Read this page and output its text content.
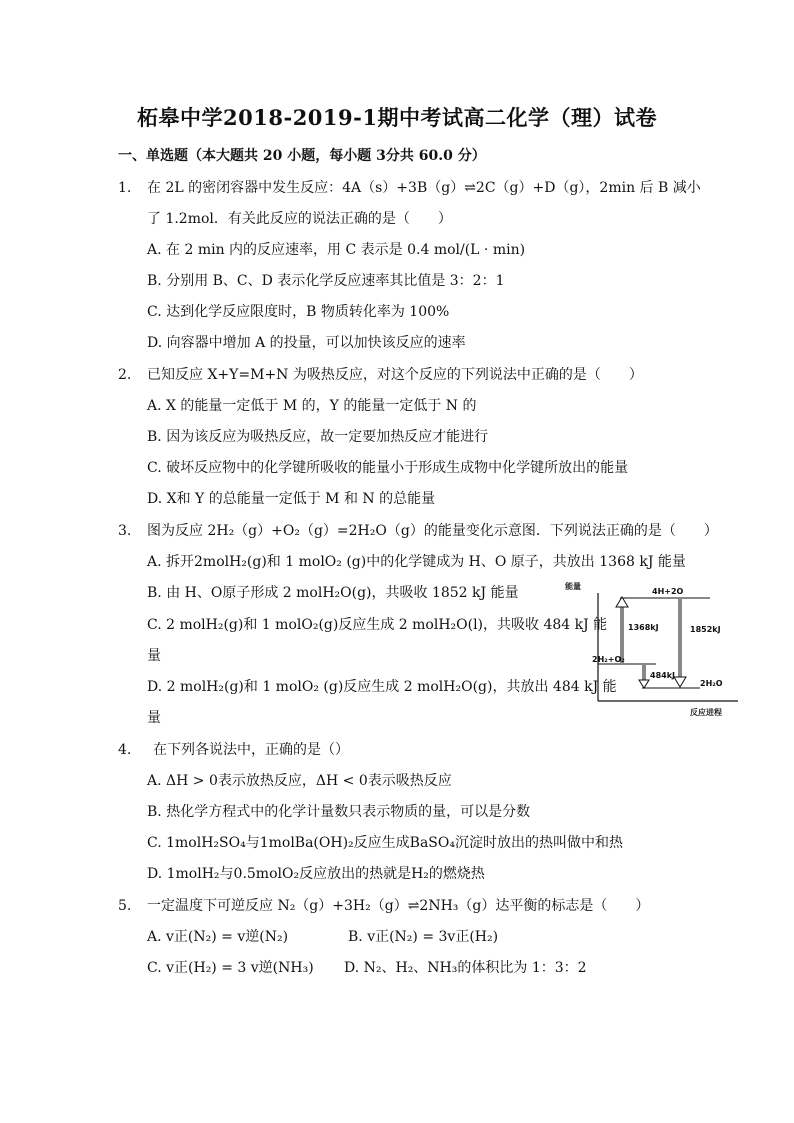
柘皋中学2018-2019-1期中考试高二化学（理）试卷
一、单选题（本大题共 20 小题，每小题 3分共 60.0 分）
1. 在 2L 的密闭容器中发生反应：4A（s）+3B（g）⇌2C（g）+D（g），2min 后 B 减小
了 1.2mol．有关此反应的说法正确的是（　　）
A. 在 2 min 内的反应速率，用 C 表示是 0.4 mol/(L · min)
B. 分别用 B、C、D 表示化学反应速率其比值是 3：2：1
C. 达到化学反应限度时，B 物质转化率为 100%
D. 向容器中增加 A 的投量，可以加快该反应的速率
2. 已知反应 X+Y=M+N 为吸热反应，对这个反应的下列说法中正确的是（　　）
A. X 的能量一定低于 M 的，Y 的能量一定低于 N 的
B. 因为该反应为吸热反应，故一定要加热反应才能进行
C. 破坏反应物中的化学键所吸收的能量小于形成生成物中化学键所放出的能量
D. X和 Y 的总能量一定低于 M 和 N 的总能量
3. 图为反应 2H₂（g）+O₂（g）=2H₂O（g）的能量变化示意图．下列说法正确的是（　　）
A. 拆开2molH₂(g)和 1 molO₂ (g)中的化学键成为 H、O 原子，共放出 1368 kJ 能量
B. 由 H、O原子形成 2 molH₂O(g)，共吸收 1852 kJ 能量
C. 2 molH₂(g)和 1 molO₂(g)反应生成 2 molH₂O(l)，共吸收 484 kJ 能
量
D. 2 molH₂(g)和 1 molO₂ (g)反应生成 2 molH₂O(g)，共放出 484 kJ 能
量
能量
4H+2O
2H₂+O₂
2H₂O
1368kJ	1852kJ
484kJ
反应进程
4. 在下列各说法中，正确的是（）
A. ΔH > 0表示放热反应，ΔH < 0表示吸热反应
B. 热化学方程式中的化学计量数只表示物质的量，可以是分数
C. 1molH₂SO₄与1molBa(OH)₂反应生成BaSO₄沉淀时放出的热叫做中和热
D. 1molH₂与0.5molO₂反应放出的热就是H₂的燃烧热
5. 一定温度下可逆反应 N₂（g）+3H₂（g）⇌2NH₃（g）达平衡的标志是（　　）
A. v正(N₂) = v逆(N₂)	B. v正(N₂) = 3v正(H₂)
C. v正(H₂) = 3 v逆(NH₃) D. N₂、H₂、NH₃的体积比为 1：3：2
